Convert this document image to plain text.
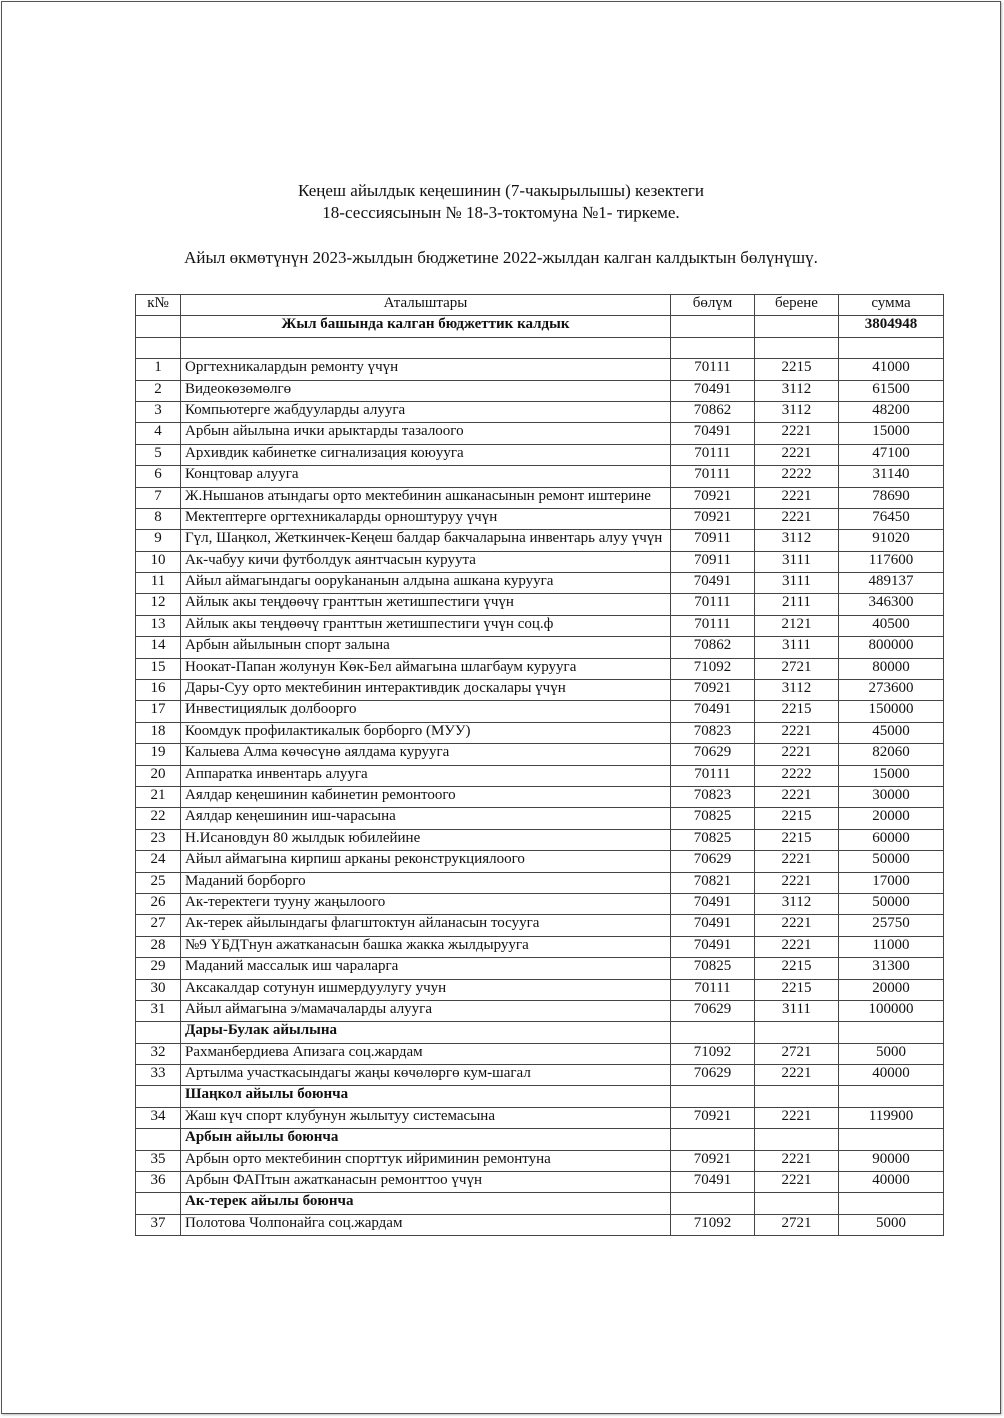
Кеңеш айылдык кеңешинин (7-чакырылышы) кезектеги
18-сессиясынын № 18-3-токтомуна №1- тиркеме.
Айыл өкмөтүнүн 2023-жылдын бюджетине 2022-жылдан калган калдыктын бөлүнүшү.
к№	Аталыштары	бөлүм	берене	сумма
	Жыл башында калган бюджеттик калдык			3804948

1	Оргтехникалардын ремонту үчүн	70111	2215	41000
2	Видеокөзөмөлгө	70491	3112	61500
3	Компьютерге жабдууларды алууга	70862	3112	48200
4	Арбын айылына ички арыктарды тазалоого	70491	2221	15000
5	Архивдик кабинетке сигнализация коюууга	70111	2221	47100
6	Концтовар алууга	70111	2222	31140
7	Ж.Нышанов атындагы орто мектебинин ашканасынын ремонт иштерине	70921	2221	78690
8	Мектептерге оргтехникаларды орноштуруу үчүн	70921	2221	76450
9	Гүл, Шаңкол, Жеткинчек-Кеңеш балдар бакчаларына инвентарь алуу үчүн	70911	3112	91020
10	Ак-чабуу кичи футболдук аянтчасын куруута	70911	3111	117600
11	Айыл аймагындагы ооруkананын алдына ашкана курууга	70491	3111	489137
12	Айлык акы теңдөөчү гранттын жетишпестиги үчүн	70111	2111	346300
13	Айлык акы теңдөөчү гранттын жетишпестиги үчүн соц.ф	70111	2121	40500
14	Арбын айылынын спорт залына	70862	3111	800000
15	Ноокат-Папан жолунун Көк-Бел аймагына шлагбаум курууга	71092	2721	80000
16	Дары-Суу орто мектебинин интерактивдик доскалары үчүн	70921	3112	273600
17	Инвестициялык долбоорго	70491	2215	150000
18	Коомдук профилактикалык борборго (МУУ)	70823	2221	45000
19	Калыева Алма көчөсүнө аялдама курууга	70629	2221	82060
20	Аппаратка инвентарь алууга	70111	2222	15000
21	Аялдар кеңешинин кабинетин ремонтоого	70823	2221	30000
22	Аялдар кеңешинин иш-чарасына	70825	2215	20000
23	Н.Исановдун 80 жылдык юбилейине	70825	2215	60000
24	Айыл аймагына кирпиш арканы реконструкциялоого	70629	2221	50000
25	Маданий борборго	70821	2221	17000
26	Ак-теректеги тууну жаңылоого	70491	3112	50000
27	Ак-терек айылындагы флагштоктун айланасын тосууга	70491	2221	25750
28	№9 ҮБДТнун ажатканасын башка жакка жылдырууга	70491	2221	11000
29	Маданий массалык иш чараларга	70825	2215	31300
30	Аксакалдар сотунун ишмердуулугу учун	70111	2215	20000
31	Айыл аймагына э/мамачаларды алууга	70629	3111	100000
	Дары-Булак айылына			
32	Рахманбердиева Апизага соц.жардам	71092	2721	5000
33	Артылма участкасындагы жаңы көчөлөргө кум-шагал	70629	2221	40000
	Шаңкол айылы боюнча			
34	Жаш күч спорт клубунун жылытуу системасына	70921	2221	119900
	Арбын айылы боюнча			
35	Арбын орто мектебинин спорттук ийриминин ремонтуна	70921	2221	90000
36	Арбын ФАПтын ажатканасын ремонттоо үчүн	70491	2221	40000
	Ак-терек айылы боюнча			
37	Полотова Чолпонайга соц.жардам	71092	2721	5000
